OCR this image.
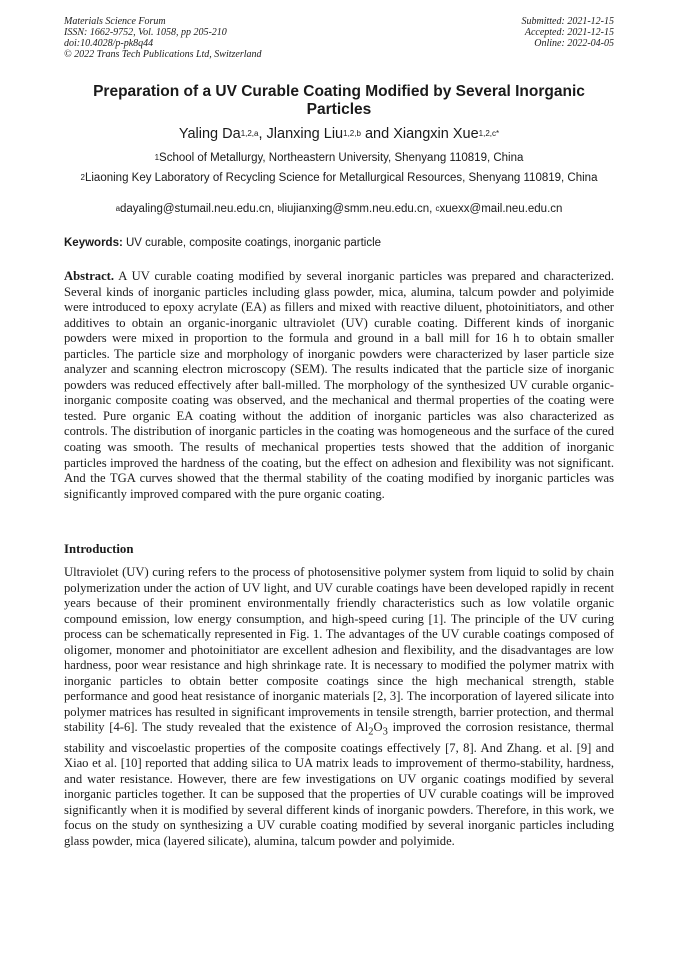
Materials Science Forum
ISSN: 1662-9752, Vol. 1058, pp 205-210
doi:10.4028/p-pk8q44
© 2022 Trans Tech Publications Ltd, Switzerland
Submitted: 2021-12-15
Accepted: 2021-12-15
Online: 2022-04-05
Preparation of a UV Curable Coating Modified by Several Inorganic Particles
Yaling Da$^{1,2,a}$, Jlanxing Liu$^{1,2,b}$ and Xiangxin Xue$^{1,2,c*}$
$^1$School of Metallurgy, Northeastern University, Shenyang 110819, China
$^2$Liaoning Key Laboratory of Recycling Science for Metallurgical Resources, Shenyang 110819, China
$^a$dayaling@stumail.neu.edu.cn, $^b$liujianxing@smm.neu.edu.cn, $^c$xuexx@mail.neu.edu.cn
Keywords: UV curable, composite coatings, inorganic particle

Abstract. A UV curable coating modified by several inorganic particles was prepared and characterized. Several kinds of inorganic particles including glass powder, mica, alumina, talcum powder and polyimide were introduced to epoxy acrylate (EA) as fillers and mixed with reactive diluent, photoinitiators, and other additives to obtain an organic-inorganic ultraviolet (UV) curable coating. Different kinds of inorganic powders were mixed in proportion to the formula and ground in a ball mill for 16 h to obtain smaller particles. The particle size and morphology of inorganic powders were characterized by laser particle size analyzer and scanning electron microscopy (SEM). The results indicated that the particle size of inorganic powders was reduced effectively after ball-milled. The morphology of the synthesized UV curable organic-inorganic composite coating was observed, and the mechanical and thermal properties of the coating were tested. Pure organic EA coating without the addition of inorganic particles was also characterized as controls. The distribution of inorganic particles in the coating was homogeneous and the surface of the cured coating was smooth. The results of mechanical properties tests showed that the addition of inorganic particles improved the hardness of the coating, but the effect on adhesion and flexibility was not significant. And the TGA curves showed that the thermal stability of the coating modified by inorganic particles was significantly improved compared with the pure organic coating.

Introduction

Ultraviolet (UV) curing refers to the process of photosensitive polymer system from liquid to solid by chain polymerization under the action of UV light, and UV curable coatings have been developed rapidly in recent years because of their prominent environmentally friendly characteristics such as low volatile organic compound emission, low energy consumption, and high-speed curing [1]. The principle of the UV curing process can be schematically represented in Fig. 1. The advantages of the UV curable coatings composed of oligomer, monomer and photoinitiator are excellent adhesion and flexibility, and the disadvantages are low hardness, poor wear resistance and high shrinkage rate. It is necessary to modified the polymer matrix with inorganic particles to obtain better composite coatings since the high mechanical strength, stable performance and good heat resistance of inorganic materials [2, 3]. The incorporation of layered silicate into polymer matrices has resulted in significant improvements in tensile strength, barrier protection, and thermal stability [4-6]. The study revealed that the existence of $Al_2O_3$ improved the corrosion resistance, thermal stability and viscoelastic properties of the composite coatings effectively [7, 8]. And Zhang. et al. [9] and Xiao et al. [10] reported that adding silica to UA matrix leads to improvement of thermo-stability, hardness, and water resistance. However, there are few investigations on UV organic coatings modified by several inorganic particles together. It can be supposed that the properties of UV curable coatings will be improved significantly when it is modified by several different kinds of inorganic powders. Therefore, in this work, we focus on the study on synthesizing a UV curable coating modified by several inorganic particles including glass powder, mica (layered silicate), alumina, talcum powder and polyimide.
